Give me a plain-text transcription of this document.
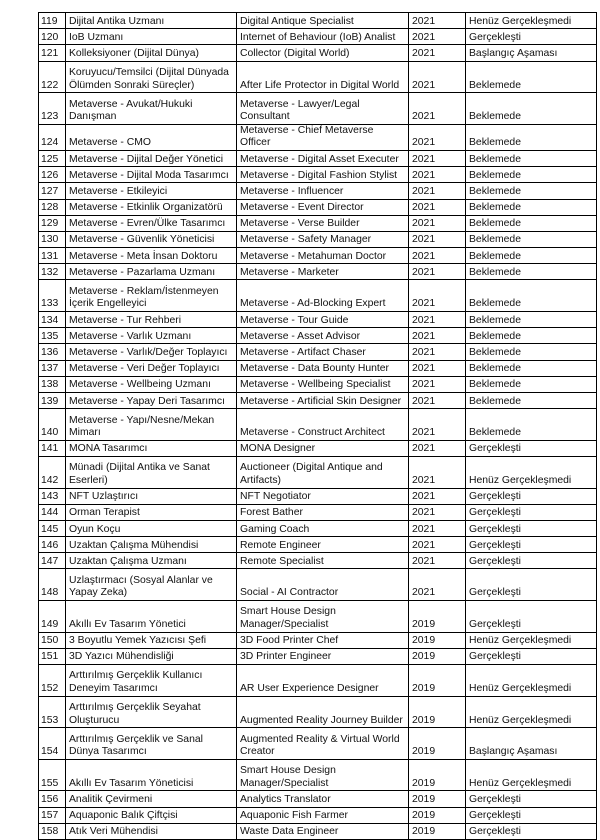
119	Dijital Antika Uzmanı	Digital Antique Specialist	2021	Henüz Gerçekleşmedi
120	IoB Uzmanı	Internet of Behaviour (IoB) Analist	2021	Gerçekleşti
121	Kolleksiyoner (Dijital Dünya)	Collector (Digital World)	2021	Başlangıç Aşaması
122	Koruyucu/Temsilci (Dijital Dünyada Ölümden Sonraki Süreçler)	After Life Protector in Digital World	2021	Beklemede
123	Metaverse - Avukat/Hukuki Danışman	Metaverse - Lawyer/Legal Consultant	2021	Beklemede
124	Metaverse - CMO	Metaverse - Chief Metaverse Officer	2021	Beklemede
125	Metaverse - Dijital Değer Yönetici	Metaverse - Digital Asset Executer	2021	Beklemede
126	Metaverse - Dijital Moda Tasarımcı	Metaverse - Digital Fashion Stylist	2021	Beklemede
127	Metaverse - Etkileyici	Metaverse - Influencer	2021	Beklemede
128	Metaverse - Etkinlik Organizatörü	Metaverse - Event Director	2021	Beklemede
129	Metaverse - Evren/Ülke Tasarımcı	Metaverse - Verse Builder	2021	Beklemede
130	Metaverse - Güvenlik Yöneticisi	Metaverse - Safety Manager	2021	Beklemede
131	Metaverse - Meta İnsan Doktoru	Metaverse - Metahuman Doctor	2021	Beklemede
132	Metaverse - Pazarlama Uzmanı	Metaverse - Marketer	2021	Beklemede
133	Metaverse - Reklam/İstenmeyen İçerik Engelleyici	Metaverse - Ad-Blocking Expert	2021	Beklemede
134	Metaverse - Tur Rehberi	Metaverse - Tour Guide	2021	Beklemede
135	Metaverse - Varlık Uzmanı	Metaverse - Asset Advisor	2021	Beklemede
136	Metaverse - Varlık/Değer Toplayıcı	Metaverse - Artifact Chaser	2021	Beklemede
137	Metaverse - Veri Değer Toplayıcı	Metaverse - Data Bounty Hunter	2021	Beklemede
138	Metaverse - Wellbeing Uzmanı	Metaverse - Wellbeing Specialist	2021	Beklemede
139	Metaverse - Yapay Deri Tasarımcı	Metaverse - Artificial Skin Designer	2021	Beklemede
140	Metaverse - Yapı/Nesne/Mekan Mimarı	Metaverse - Construct Architect	2021	Beklemede
141	MONA Tasarımcı	MONA Designer	2021	Gerçekleşti
142	Münadi (Dijital Antika ve Sanat Eserleri)	Auctioneer (Digital Antique and Artifacts)	2021	Henüz Gerçekleşmedi
143	NFT Uzlaştırıcı	NFT Negotiator	2021	Gerçekleşti
144	Orman Terapist	Forest Bather	2021	Gerçekleşti
145	Oyun Koçu	Gaming Coach	2021	Gerçekleşti
146	Uzaktan Çalışma Mühendisi	Remote Engineer	2021	Gerçekleşti
147	Uzaktan Çalışma Uzmanı	Remote Specialist	2021	Gerçekleşti
148	Uzlaştırmacı (Sosyal Alanlar ve Yapay Zeka)	Social - AI Contractor	2021	Gerçekleşti
149	Akıllı Ev Tasarım Yönetici	Smart House Design Manager/Specialist	2019	Gerçekleşti
150	3 Boyutlu Yemek Yazıcısı Şefi	3D Food Printer Chef	2019	Henüz Gerçekleşmedi
151	3D Yazıcı Mühendisliği	3D Printer Engineer	2019	Gerçekleşti
152	Arttırılmış Gerçeklik Kullanıcı Deneyim Tasarımcı	AR User Experience Designer	2019	Henüz Gerçekleşmedi
153	Arttırılmış Gerçeklik Seyahat Oluşturucu	Augmented Reality Journey Builder	2019	Henüz Gerçekleşmedi
154	Arttırılmış Gerçeklik ve Sanal Dünya Tasarımcı	Augmented Reality & Virtual World Creator	2019	Başlangıç Aşaması
155	Akıllı Ev Tasarım Yöneticisi	Smart House Design Manager/Specialist	2019	Henüz Gerçekleşmedi
156	Analitik Çevirmeni	Analytics Translator	2019	Gerçekleşti
157	Aquaponic Balık Çiftçisi	Aquaponic Fish Farmer	2019	Gerçekleşti
158	Atık Veri Mühendisi	Waste Data Engineer	2019	Gerçekleşti
